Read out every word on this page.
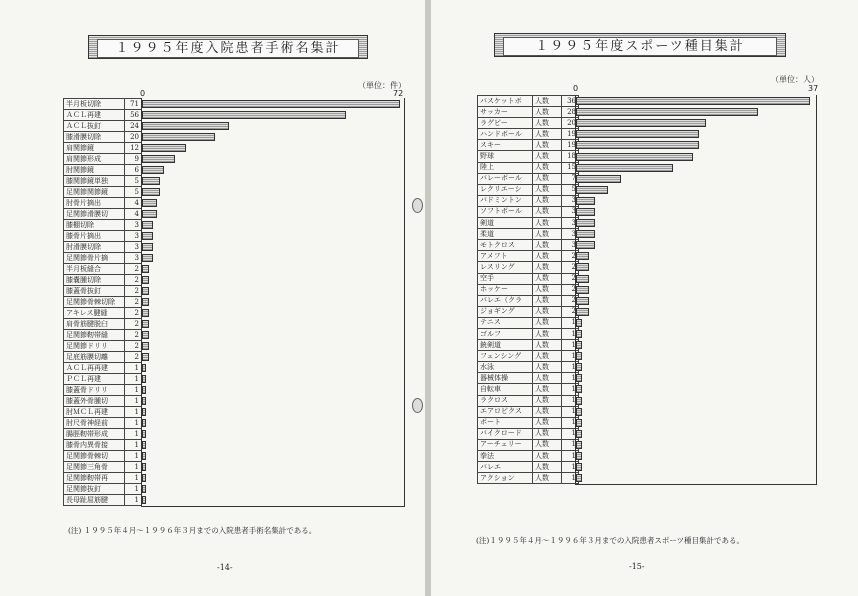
１９９５年度入院患者手術名集計
（単位：件）
0	72
半月板切除	71
ＡＣＬ再建	56
ＡＣＬ抜釘	24
膝滑膜切除	20
肩関節鏡	12
肩関節形成	9
肘関節鏡	6
膝関節鏡単独	5
足関節関節鏡	5
肘骨片摘出	4
足関節滑膜切	4
膝棚切除	3
膝骨片摘出	3
肘滑膜切除	3
足関節骨片摘	3
半月板縫合	2
膝嚢腫切除	2
膝蓋骨抜釘	2
足関節骨棘切除	2
アキレス腱縫	2
肩骨筋腱脱臼	2
足関節靭帯縫	2
足関節ドリリ	2
足底筋膜切離	2
ＡＣＬ再再建	1
ＰＣＬ再建	1
膝蓋骨ドリリ	1
膝蓋外骨腫切	1
肘ＭＣＬ再建	1
肘尺骨神経前	1
腸脛靭帯形成	1
膝骨内異骨接	1
足関節骨棘切	1
足関節三角骨	1
足関節靭帯再	1
足関節抜釘	1
長母趾屈筋腱	1
(注) １９９５年４月～１９９６年３月までの入院患者手術名集計である。
-14-
１９９５年度スポーツ種目集計
（単位：人）
0	37
バスケットボ	人数	36
サッカー	人数	28
ラグビー	人数	20
ハンドボール	人数	19
スキー	人数	19
野球	人数	18
陸上	人数	15
バレーボール	人数	7
レクリエーシ	人数	5
バドミントン	人数	3
ソフトボール	人数	3
剣道	人数	3
柔道	人数	3
モトクロス	人数	3
アメフト	人数	2
レスリング	人数	2
空手	人数	2
ホッケー	人数	2
バレエ（クラ	人数	2
ジョギング	人数	2
テニス	人数	1
ゴルフ	人数	1
銃剣道	人数	1
フェンシング	人数	1
水泳	人数	1
器械体操	人数	1
自転車	人数	1
ラクロス	人数	1
エアロビクス	人数	1
ボート	人数	1
バイクロード	人数	1
アーチェリー	人数	1
拳法	人数	1
バレエ	人数	1
アクション	人数	1
(注)１９９５年４月～１９９６年３月までの入院患者スポーツ種目集計である。
-15-
